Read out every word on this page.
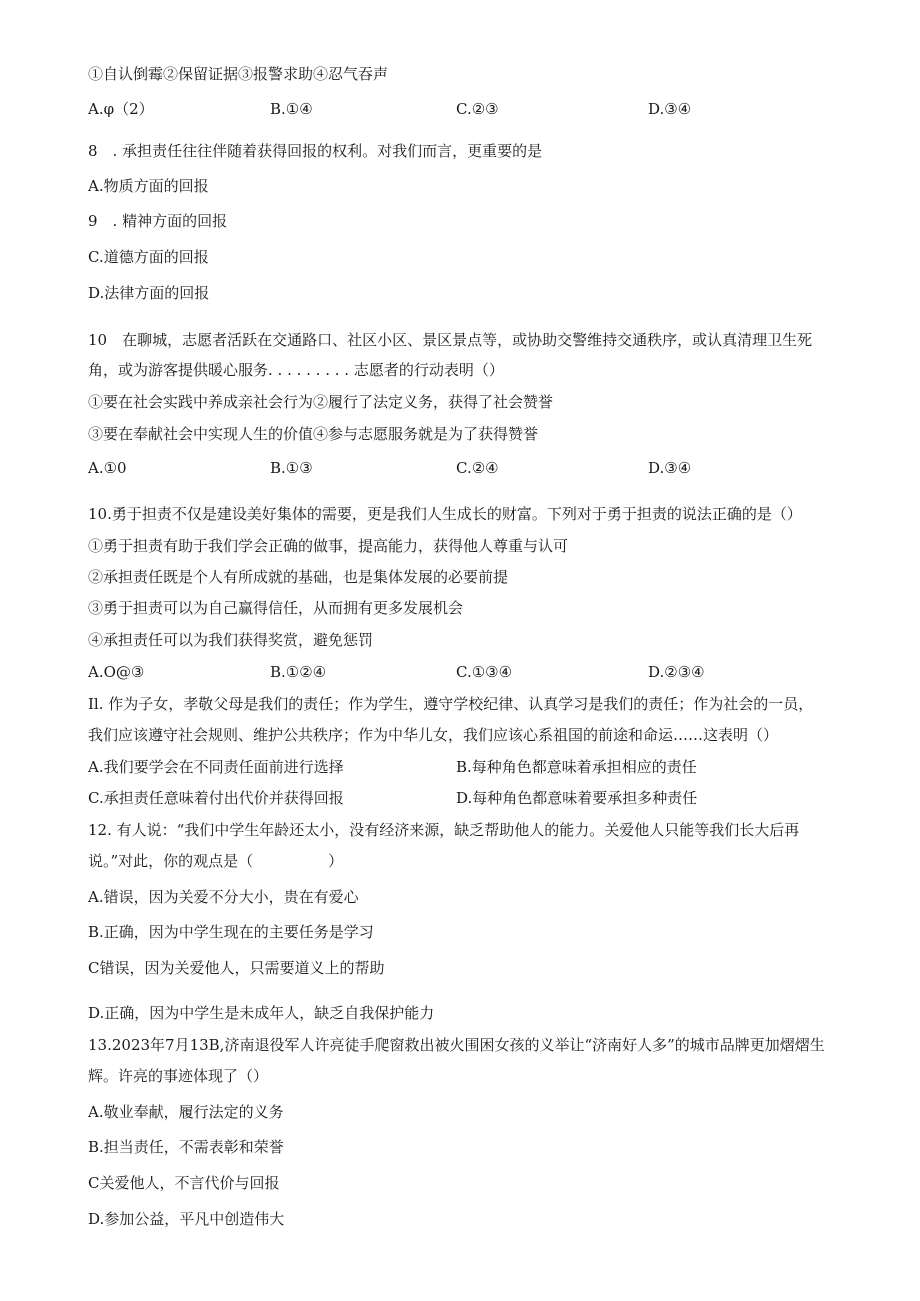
①自认倒霉②保留证据③报警求助④忍气吞声
A.φ（2）	B.①④	C.②③	D.③④
8　. 承担责任往往伴随着获得回报的权利。对我们而言，更重要的是
A.物质方面的回报
9　. 精神方面的回报
C.道德方面的回报
D.法律方面的回报
10　在聊城，志愿者活跃在交通路口、社区小区、景区景点等，或协助交警维持交通秩序，或认真清理卫生死
角，或为游客提供暖心服务. . . . . . . . . 志愿者的行动表明（）
①要在社会实践中养成亲社会行为②履行了法定义务，获得了社会赞誉
③要在奉献社会中实现人生的价值④参与志愿服务就是为了获得赞誉
A.①0	B.①③	C.②④	D.③④
10.勇于担责不仅是建设美好集体的需要，更是我们人生成长的财富。下列对于勇于担责的说法正确的是（）
①勇于担责有助于我们学会正确的做事，提高能力，获得他人尊重与认可
②承担责任既是个人有所成就的基础，也是集体发展的必要前提
③勇于担责可以为自己赢得信任，从而拥有更多发展机会
④承担责任可以为我们获得奖赏，避免惩罚
A.O@③	B.①②④	C.①③④	D.②③④
Il. 作为子女，孝敬父母是我们的责任；作为学生，遵守学校纪律、认真学习是我们的责任；作为社会的一员，
我们应该遵守社会规则、维护公共秩序；作为中华儿女，我们应该心系祖国的前途和命运……这表明（）
A.我们要学会在不同责任面前进行选择	B.每种角色都意味着承担相应的责任
C.承担责任意味着付出代价并获得回报	D.每种角色都意味着要承担多种责任
12. 有人说：“我们中学生年龄还太小，没有经济来源，缺乏帮助他人的能力。关爱他人只能等我们长大后再
说。”对此，你的观点是（　　　　　）
A.错误，因为关爱不分大小，贵在有爱心
B.正确，因为中学生现在的主要任务是学习
C错误，因为关爱他人，只需要道义上的帮助
D.正确，因为中学生是未成年人，缺乏自我保护能力
13.2023年7月13B,济南退役军人许亮徒手爬窗救出被火围困女孩的义举让“济南好人多”的城市品牌更加熠熠生
辉。许亮的事迹体现了（）
A.敬业奉献，履行法定的义务
B.担当责任，不需表彰和荣誉
C关爱他人，不言代价与回报
D.参加公益，平凡中创造伟大
